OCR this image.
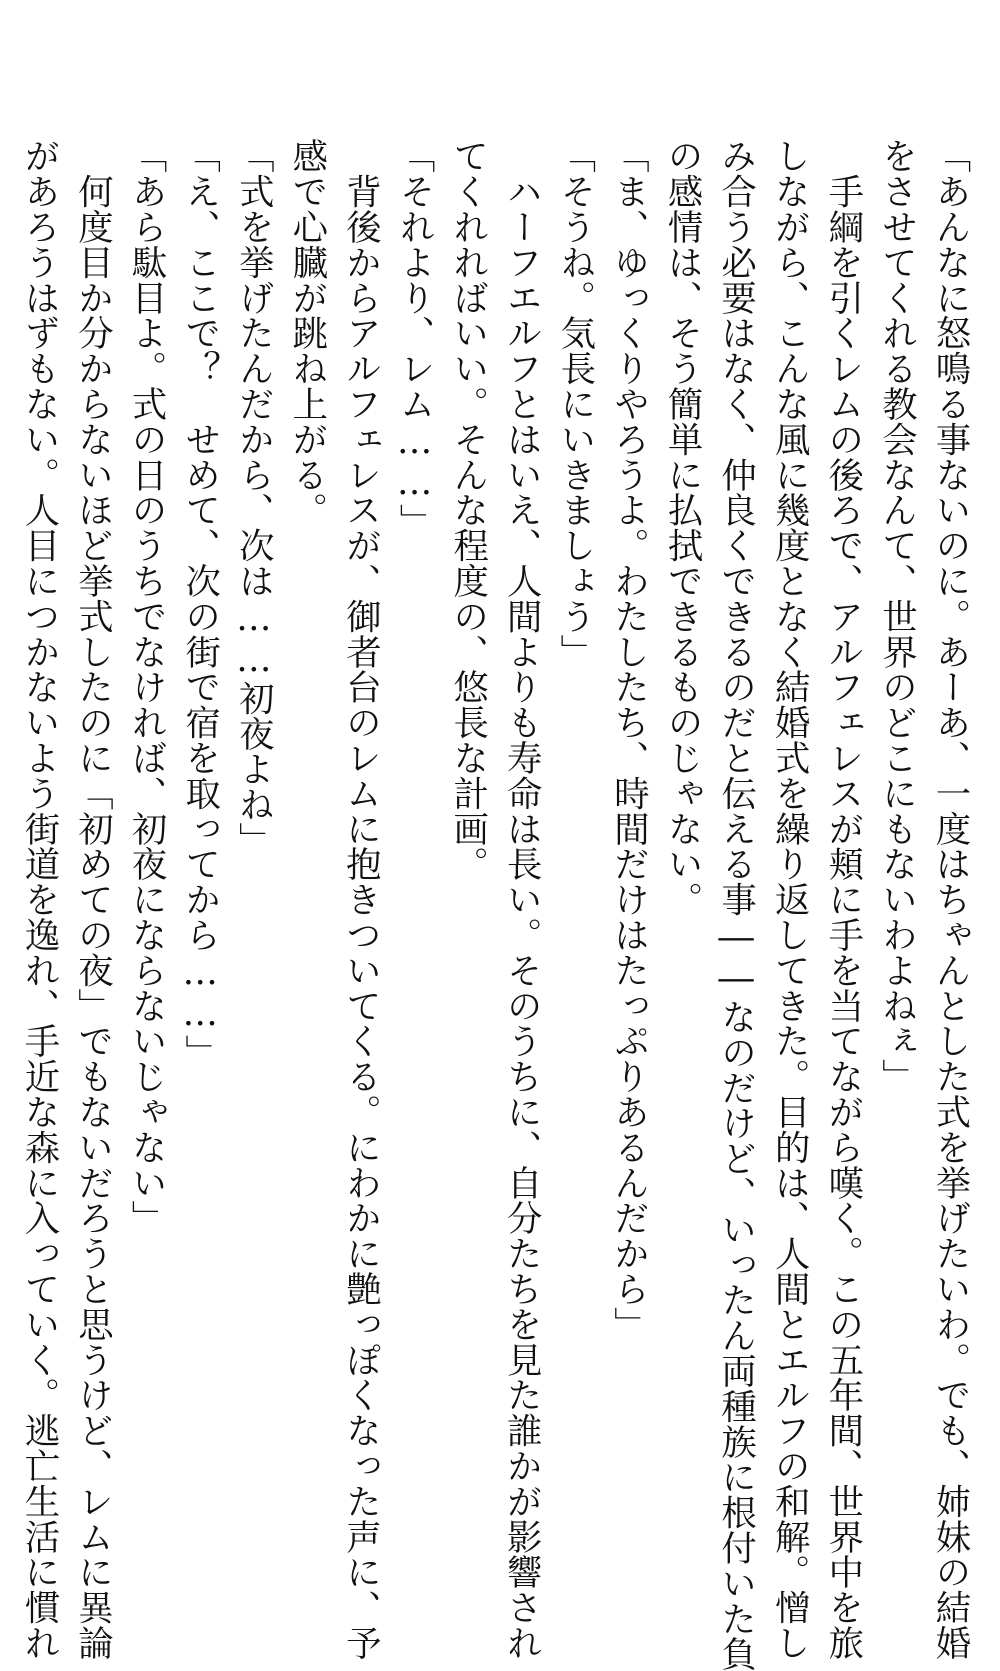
「あんなに怒鳴る事ないのに。あーあ、一度はちゃんとした式を挙げたいわ。でも、姉妹の結婚

をさせてくれる教会なんて、世界のどこにもないわよねぇ」

　手綱を引くレムの後ろで、アルフェレスが頬に手を当てながら嘆く。この五年間、世界中を旅

しながら、こんな風に幾度となく結婚式を繰り返してきた。目的は、人間とエルフの和解。憎し

み合う必要はなく、仲良くできるのだと伝える事――なのだけど、いったん両種族に根付いた負

の感情は、そう簡単に払拭できるものじゃない。

「ま、ゆっくりやろうよ。わたしたち、時間だけはたっぷりあるんだから」

「そうね。気長にいきましょう」

　ハーフエルフとはいえ、人間よりも寿命は長い。そのうちに、自分たちを見た誰かが影響され

てくれればいい。そんな程度の、悠長な計画。

「それより、レム……」

　背後からアルフェレスが、御者台のレムに抱きついてくる。にわかに艶っぽくなった声に、予

感で心臓が跳ね上がる。

「式を挙げたんだから、次は……初夜よね」

「え、ここで？　せめて、次の街で宿を取ってから……」

「あら駄目よ。式の日のうちでなければ、初夜にならないじゃない」

　何度目か分からないほど挙式したのに「初めての夜」でもないだろうと思うけど、レムに異論

があろうはずもない。人目につかないよう街道を逸れ、手近な森に入っていく。逃亡生活に慣れ
